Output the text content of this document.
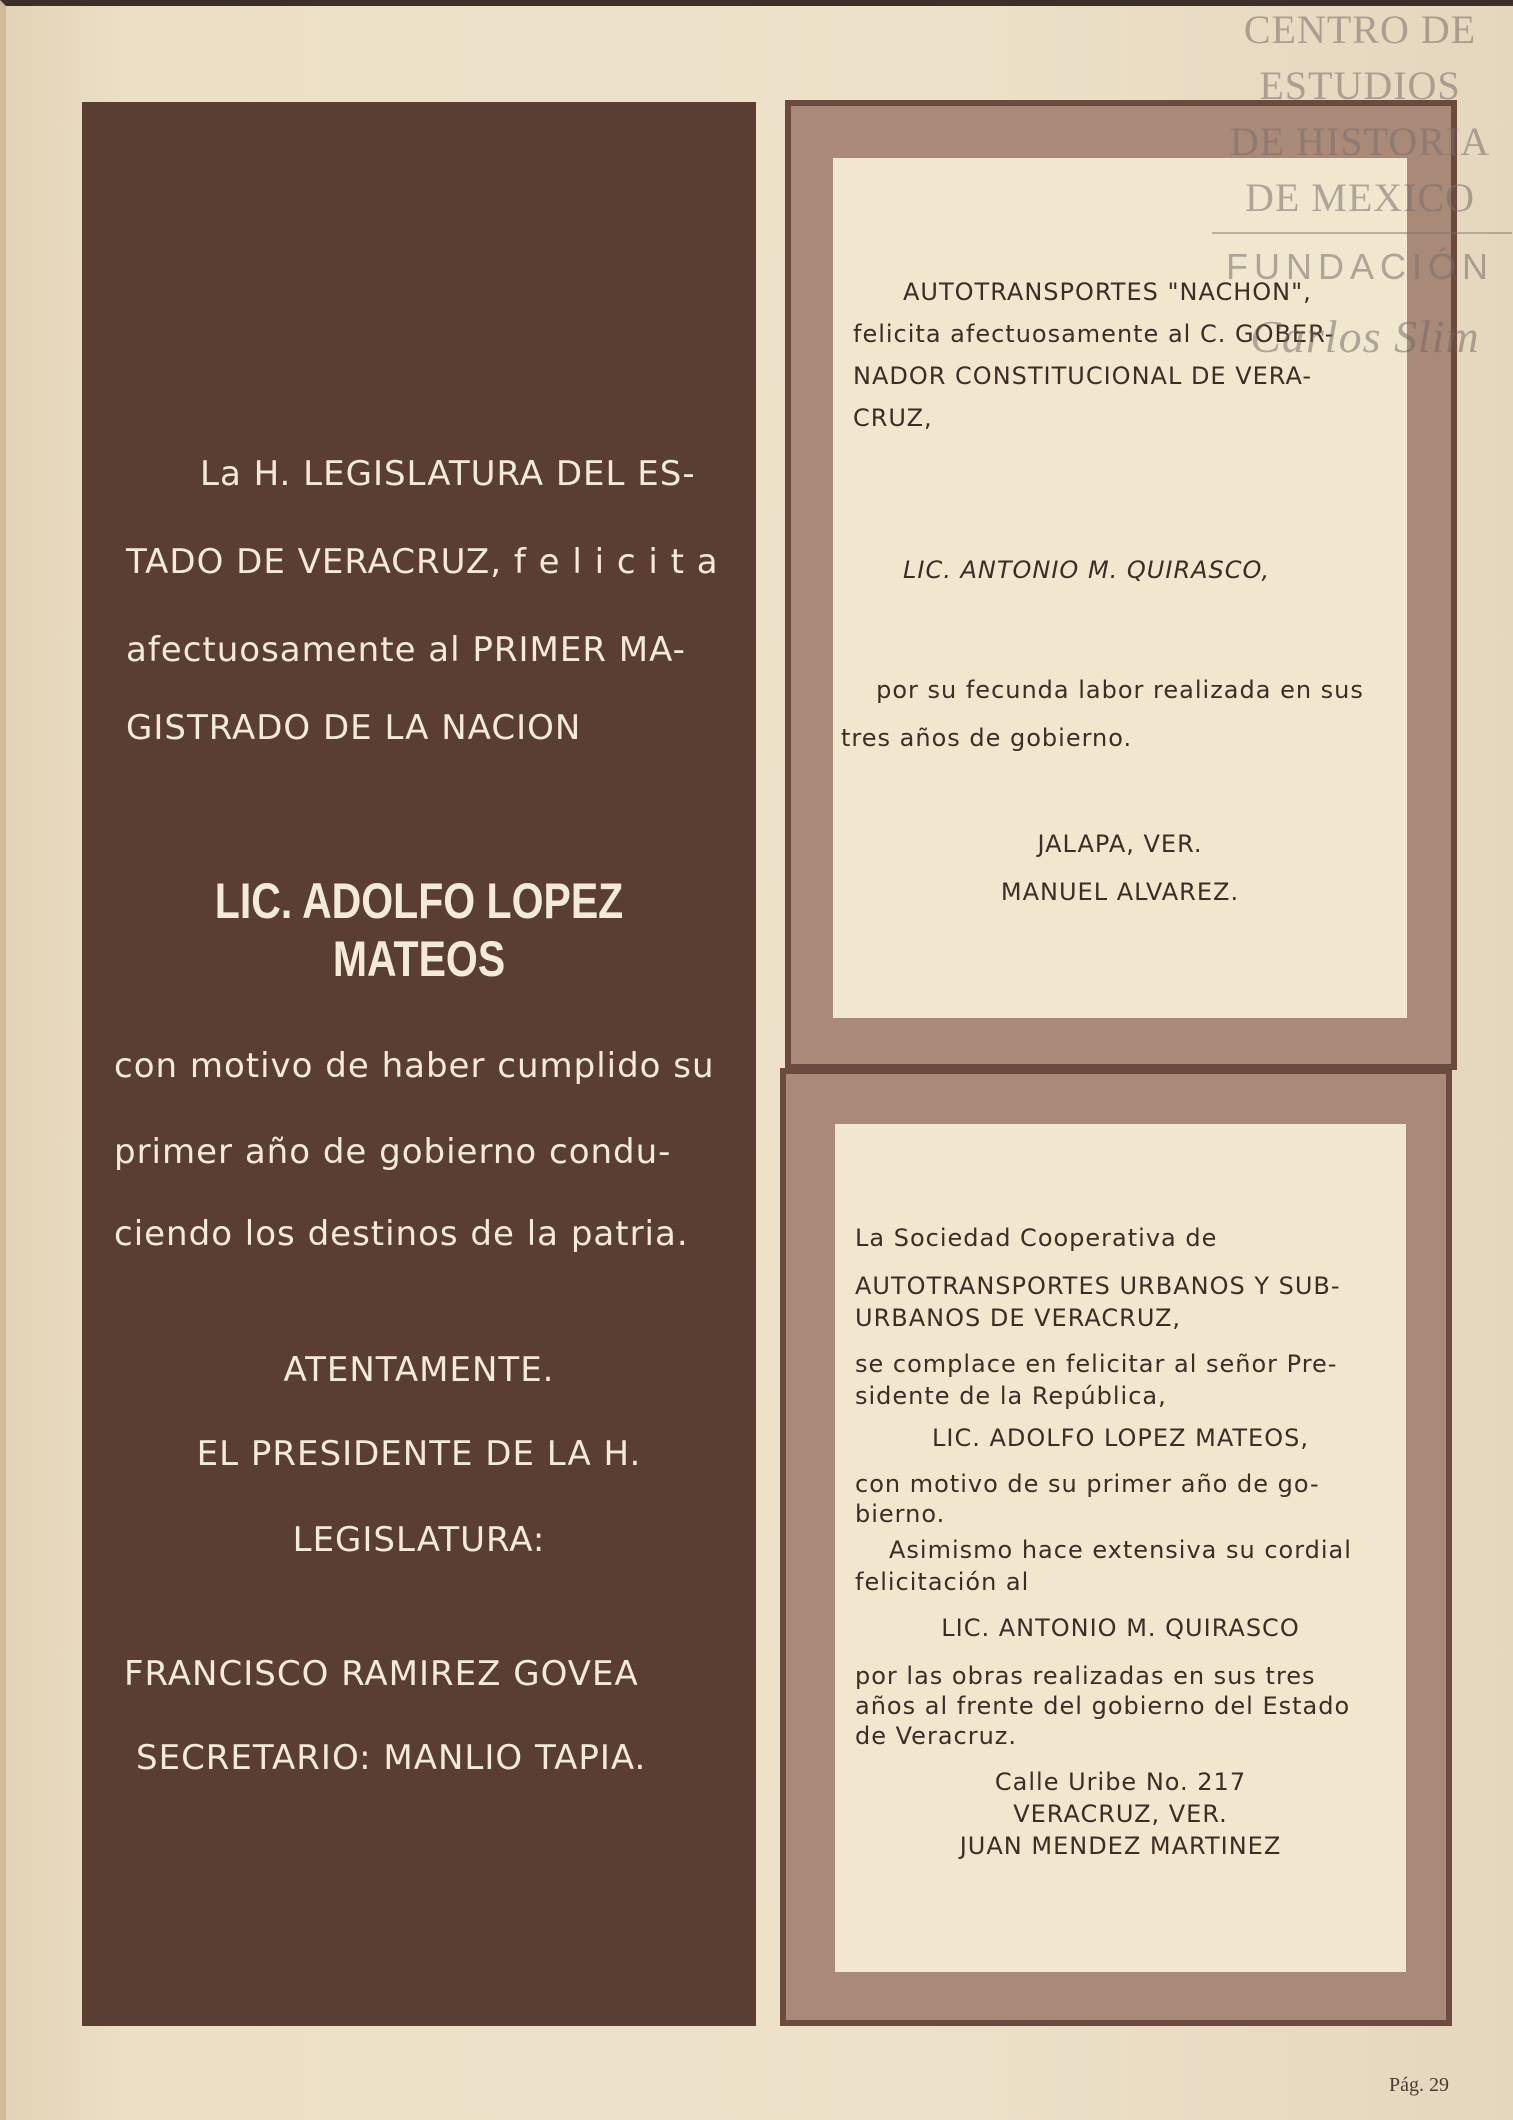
La H. LEGISLATURA DEL ES-
TADO DE VERACRUZ, f e l i c i t a
afectuosamente al PRIMER MA-
GISTRADO DE LA NACION
LIC. ADOLFO LOPEZ MATEOS
con motivo de haber cumplido su
primer año de gobierno condu-
ciendo los destinos de la patria.
ATENTAMENTE.
EL PRESIDENTE DE LA H.
LEGISLATURA:
FRANCISCO RAMIREZ GOVEA
SECRETARIO: MANLIO TAPIA.
AUTOTRANSPORTES "NACHON",
felicita afectuosamente al C. GOBER-
NADOR CONSTITUCIONAL DE VERA-
CRUZ,
LIC. ANTONIO M. QUIRASCO,
por su fecunda labor realizada en sus
tres años de gobierno.
JALAPA, VER.
MANUEL ALVAREZ.
La Sociedad Cooperativa de
AUTOTRANSPORTES URBANOS Y SUB-
URBANOS DE VERACRUZ,
se complace en felicitar al señor Pre-
sidente de la República,
LIC. ADOLFO LOPEZ MATEOS,
con motivo de su primer año de go-
bierno.
Asimismo hace extensiva su cordial
felicitación al
LIC. ANTONIO M. QUIRASCO
por las obras realizadas en sus tres
años al frente del gobierno del Estado
de Veracruz.
Calle Uribe No. 217
VERACRUZ, VER.
JUAN MENDEZ MARTINEZ
CENTRO DE
ESTUDIOS
DE HISTORIA
DE MEXICO
FUNDACIÓN
Carlos Slim
Pág. 29
